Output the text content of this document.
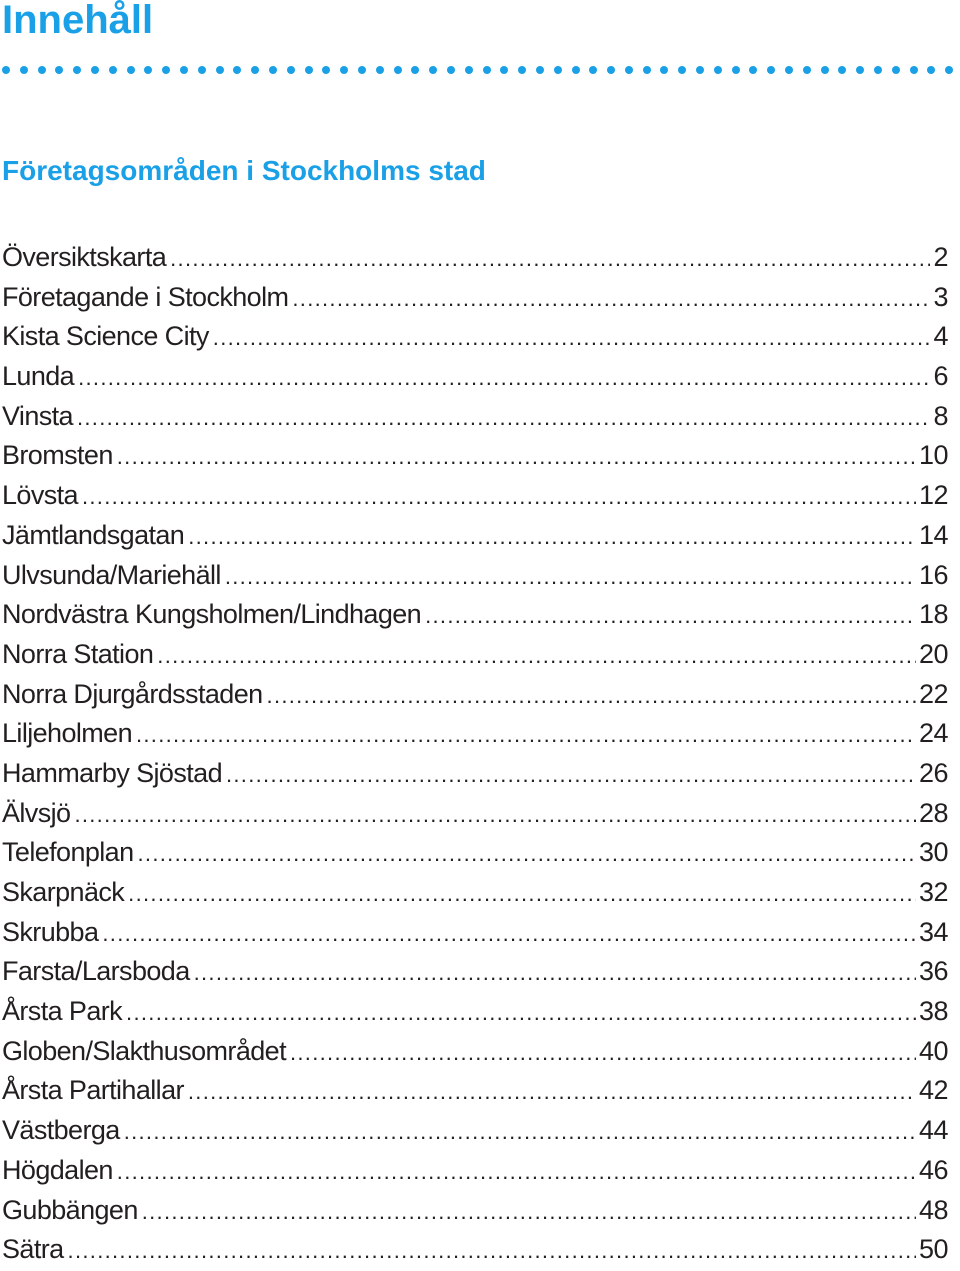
Innehåll
Företagsområden i Stockholms stad
Översiktskarta .....	2
Företagande i Stockholm .....	3
Kista Science City .....	4
Lunda .....	6
Vinsta .....	8
Bromsten .....	10
Lövsta .....	12
Jämtlandsgatan .....	14
Ulvsunda/Mariehäll .....	16
Nordvästra Kungsholmen/Lindhagen .....	18
Norra Station .....	20
Norra Djurgårdsstaden .....	22
Liljeholmen .....	24
Hammarby Sjöstad .....	26
Älvsjö .....	28
Telefonplan .....	30
Skarpnäck .....	32
Skrubba .....	34
Farsta/Larsboda .....	36
Årsta Park .....	38
Globen/Slakthusområdet .....	40
Årsta Partihallar .....	42
Västberga .....	44
Högdalen .....	46
Gubbängen .....	48
Sätra .....	50
